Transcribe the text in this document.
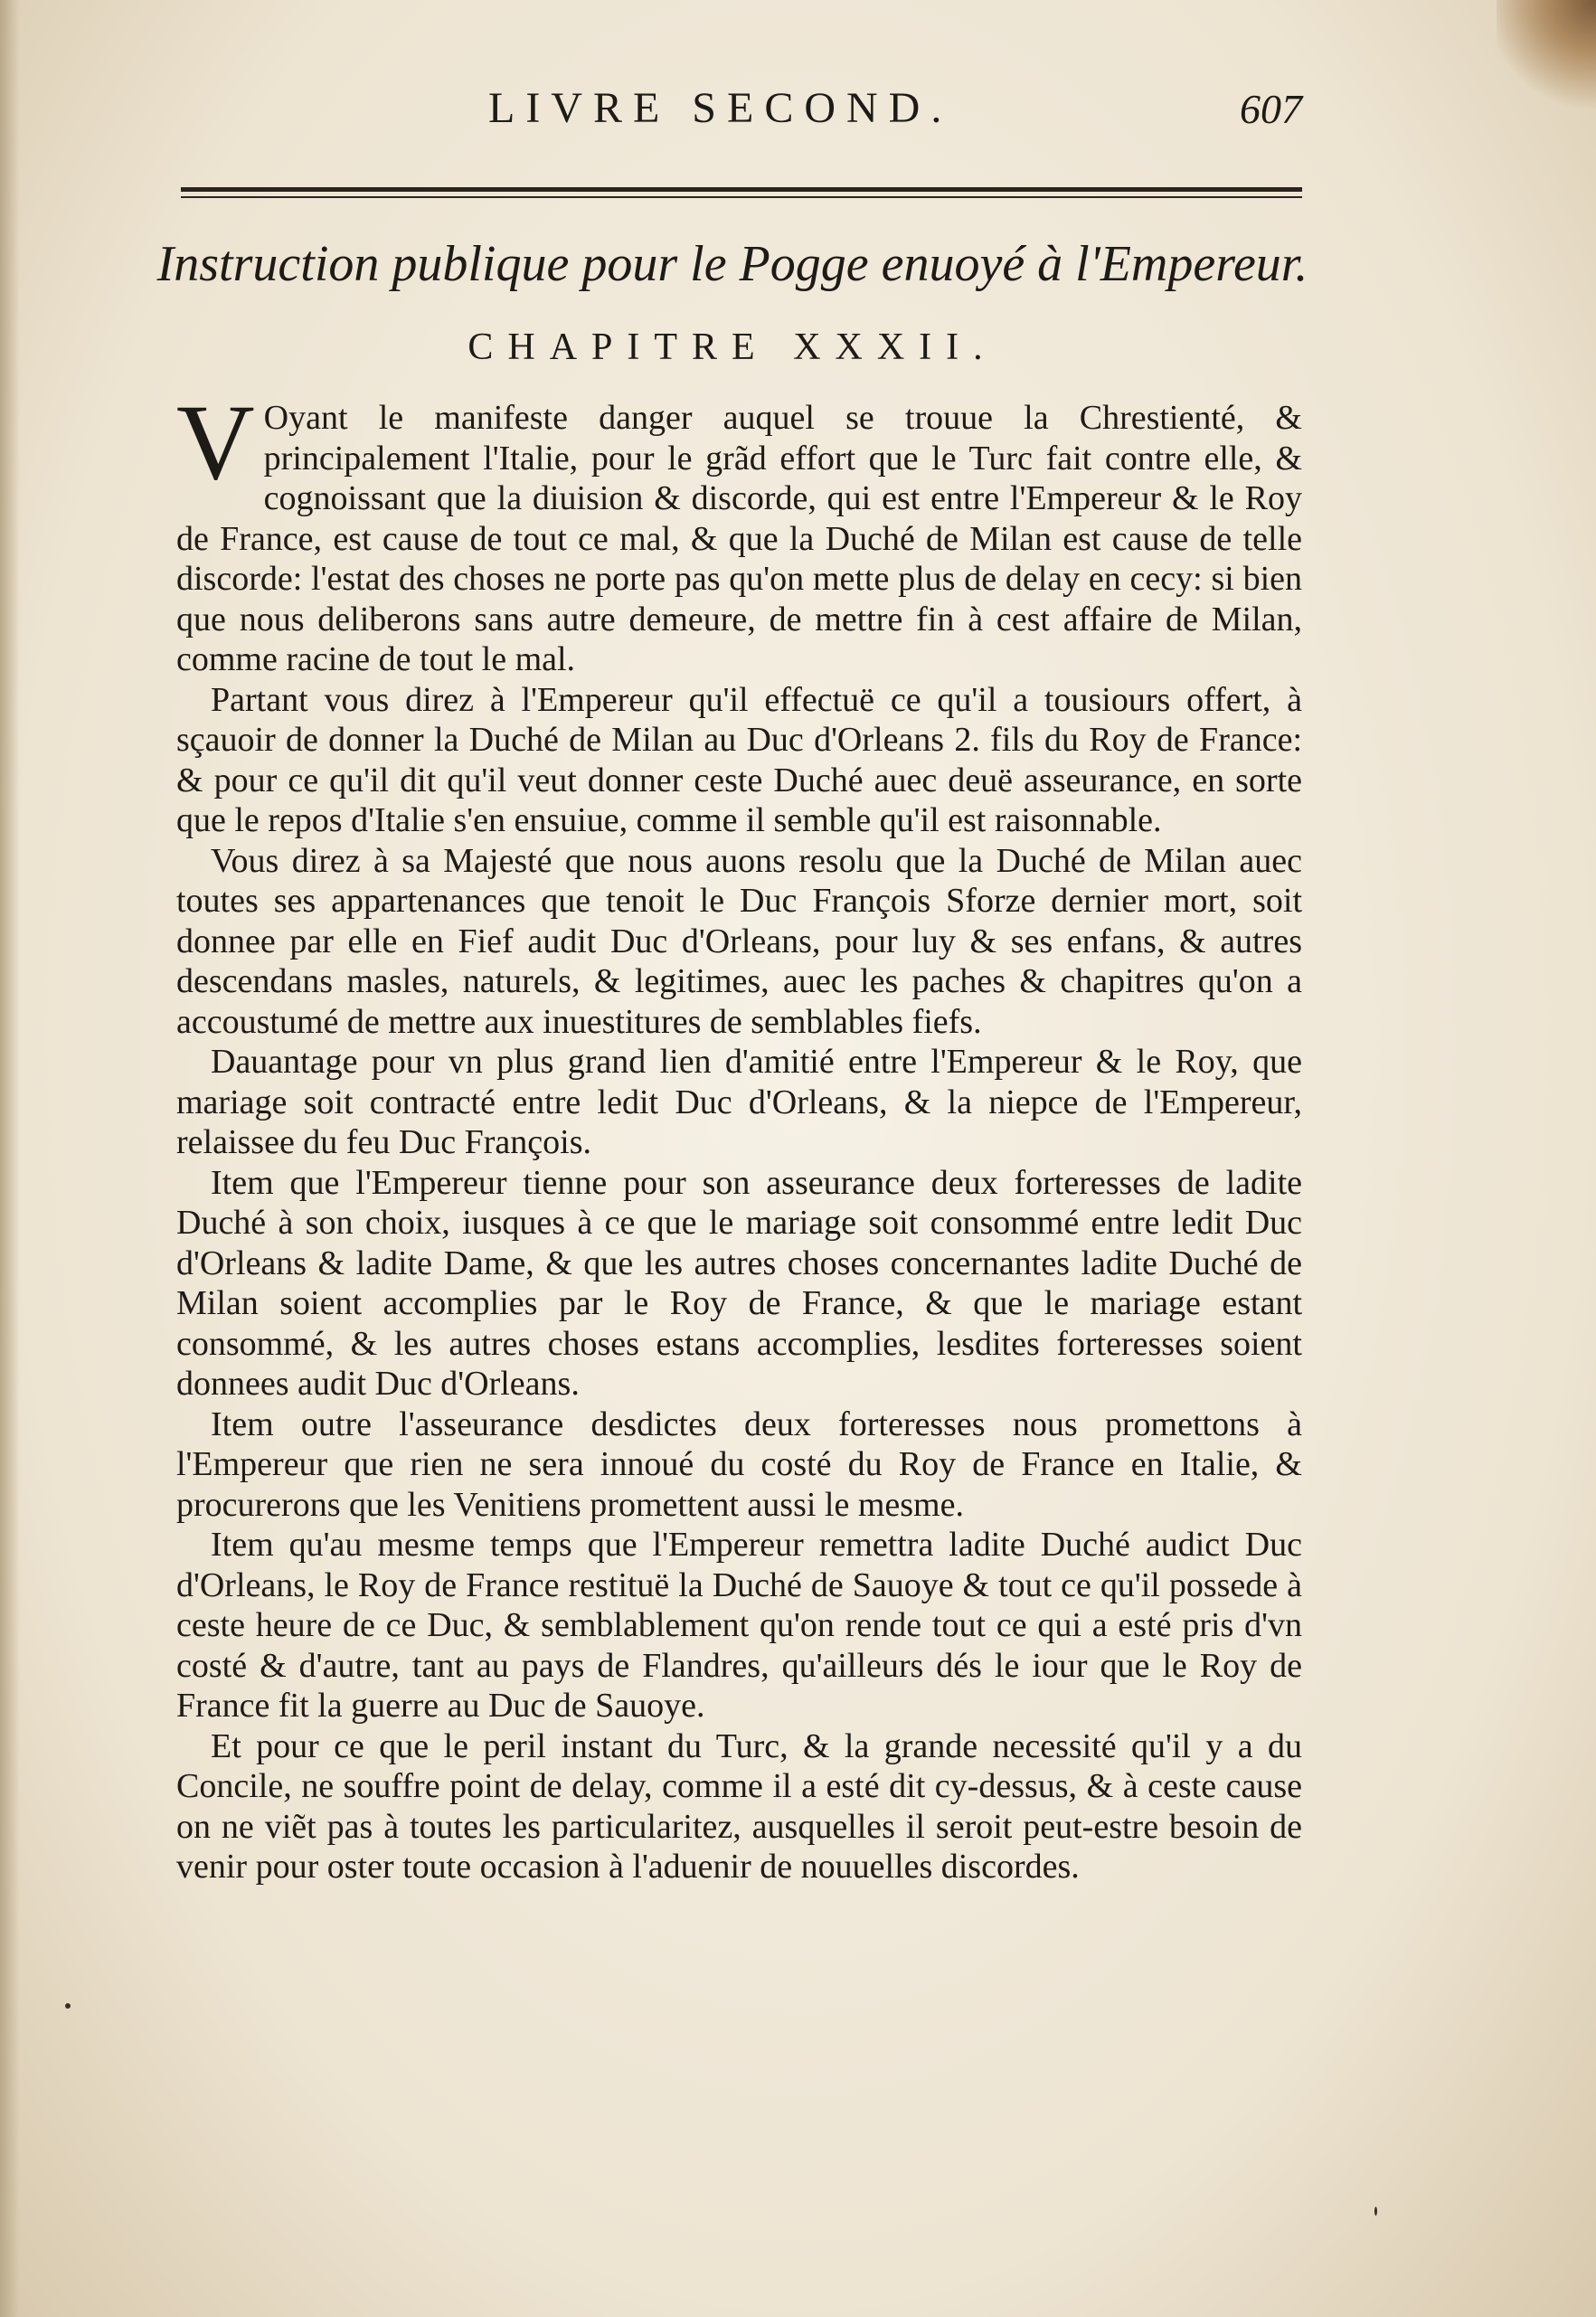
LIVRE SECOND.	607
Instruction publique pour le Pogge enuoyé à l'Empereur.
CHAPITRE XXXII.

V Oyant le manifeste danger auquel se trouue la Chrestienté, & principalement l'Italie, pour le grãd effort que le Turc fait contre elle, & cognoissant que la diuision & discorde, qui est entre l'Empereur & le Roy de France, est cause de tout ce mal, & que la Duché de Milan est cause de telle discorde: l'estat des choses ne porte pas qu'on mette plus de delay en cecy: si bien que nous deliberons sans autre demeure, de mettre fin à cest affaire de Milan, comme racine de tout le mal.

Partant vous direz à l'Empereur qu'il effectuë ce qu'il a tousiours offert, à sçauoir de donner la Duché de Milan au Duc d'Orleans 2. fils du Roy de France: & pour ce qu'il dit qu'il veut donner ceste Duché auec deuë asseurance, en sorte que le repos d'Italie s'en ensuiue, comme il semble qu'il est raisonnable.

Vous direz à sa Majesté que nous auons resolu que la Duché de Milan auec toutes ses appartenances que tenoit le Duc François Sforze dernier mort, soit donnee par elle en Fief audit Duc d'Orleans, pour luy & ses enfans, & autres descendans masles, naturels, & legitimes, auec les paches & chapitres qu'on a accoustumé de mettre aux inuestitures de semblables fiefs.

Dauantage pour vn plus grand lien d'amitié entre l'Empereur & le Roy, que mariage soit contracté entre ledit Duc d'Orleans, & la niepce de l'Empereur, relaissee du feu Duc François.

Item que l'Empereur tienne pour son asseurance deux forteresses de ladite Duché à son choix, iusques à ce que le mariage soit consommé entre ledit Duc d'Orleans & ladite Dame, & que les autres choses concernantes ladite Duché de Milan soient accomplies par le Roy de France, & que le mariage estant consommé, & les autres choses estans accomplies, lesdites forteresses soient donnees audit Duc d'Orleans.

Item outre l'asseurance desdictes deux forteresses nous promettons à l'Empereur que rien ne sera innoué du costé du Roy de France en Italie, & procurerons que les Venitiens promettent aussi le mesme.

Item qu'au mesme temps que l'Empereur remettra ladite Duché audict Duc d'Orleans, le Roy de France restituë la Duché de Sauoye & tout ce qu'il possede à ceste heure de ce Duc, & semblablement qu'on rende tout ce qui a esté pris d'vn costé & d'autre, tant au pays de Flandres, qu'ailleurs dés le iour que le Roy de France fit la guerre au Duc de Sauoye.

Et pour ce que le peril instant du Turc, & la grande necessité qu'il y a du Concile, ne souffre point de delay, comme il a esté dit cy-dessus, & à ceste cause on ne viẽt pas à toutes les particularitez, ausquelles il seroit peut-estre besoin de venir pour oster toute occasion à l'aduenir de nouuelles discordes.
